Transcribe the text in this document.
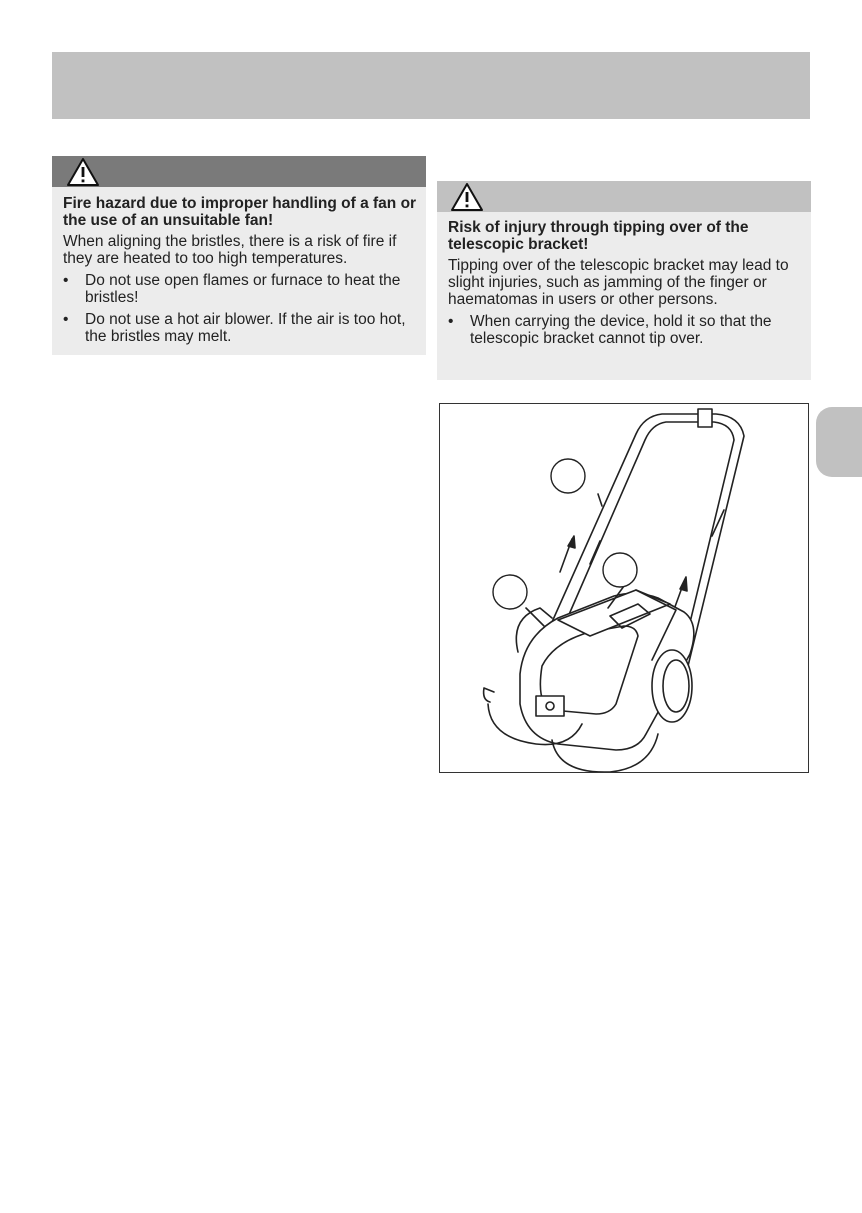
Fire hazard due to improper handling of a fan or the use of an unsuitable fan!

When aligning the bristles, there is a risk of fire if they are heated to too high temperatures.

• Do not use open flames or furnace to heat the bristles!
• Do not use a hot air blower. If the air is too hot, the bristles may melt.

Risk of injury through tipping over of the telescopic bracket!

Tipping over of the telescopic bracket may lead to slight injuries, such as jamming of the finger or haematomas in users or other persons.

• When carrying the device, hold it so that the telescopic bracket cannot tip over.
